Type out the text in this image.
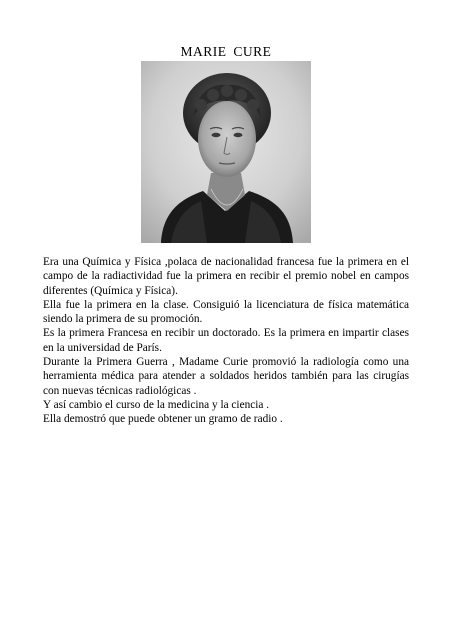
MARIE CURE

Era una Química y Física ,polaca de nacionalidad francesa fue la primera en el campo de la radiactividad fue la primera en recibir el premio nobel en campos diferentes (Química y Física).

Ella fue la primera en la clase. Consiguió la licenciatura de física matemática siendo la primera de su promoción.

Es la primera Francesa en recibir un doctorado. Es la primera en impartir clases en la universidad de París.

Durante la Primera Guerra , Madame Curie promovió la radiología como una herramienta médica para atender a soldados heridos también para las cirugías con nuevas técnicas radiológicas .

Y así cambio el curso de la medicina y la ciencia .

Ella demostró que puede obtener un gramo de radio .
